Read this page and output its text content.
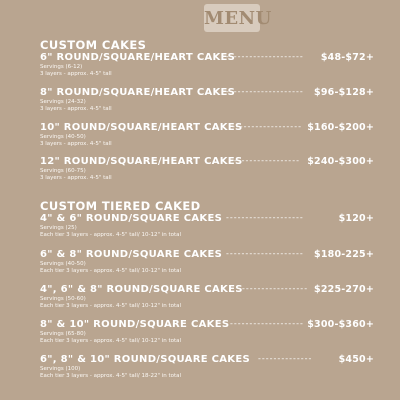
MENU
CUSTOM CAKES
6" ROUND/SQUARE/HEART CAKES
Servings (6-12)
3 layers - approx. 4-5" tall
-------------------- $48-$72+
8" ROUND/SQUARE/HEART CAKES
Servings (24-32)
3 layers - approx. 4-5" tall
-------------------- $96-$128+
10" ROUND/SQUARE/HEART CAKES
Servings (40-50)
3 layers - approx. 4-5" tall
------------------ $160-$200+
12" ROUND/SQUARE/HEART CAKES
Servings (60-75)
3 layers - approx. 4-5" tall
------------------ $240-$300+
CUSTOM TIERED CAKED
4" & 6" ROUND/SQUARE CAKES
Servings (25)
Each tier 3 layers - approx. 4-5" tall/ 10-12" in total
--------------------	$120+
6" & 8" ROUND/SQUARE CAKES
Servings (40-50)
Each tier 3 layers - approx. 4-5" tall/ 10-12" in total
-------------------- $180-225+
4", 6" & 8" ROUND/SQUARE CAKES
Servings (50-60)
Each tier 3 layers - approx. 4-5" tall/ 10-12" in total
----------------- $225-270+
8" & 10" ROUND/SQUARE CAKES
Servings (65-80)
Each tier 3 layers - approx. 4-5" tall/ 10-12" in total
------------------- $300-$360+
6", 8" & 10" ROUND/SQUARE CAKES
Servings (100)
Each tier 3 layers - approx. 4-5" tall/ 18-22" in total
--------------	$450+
